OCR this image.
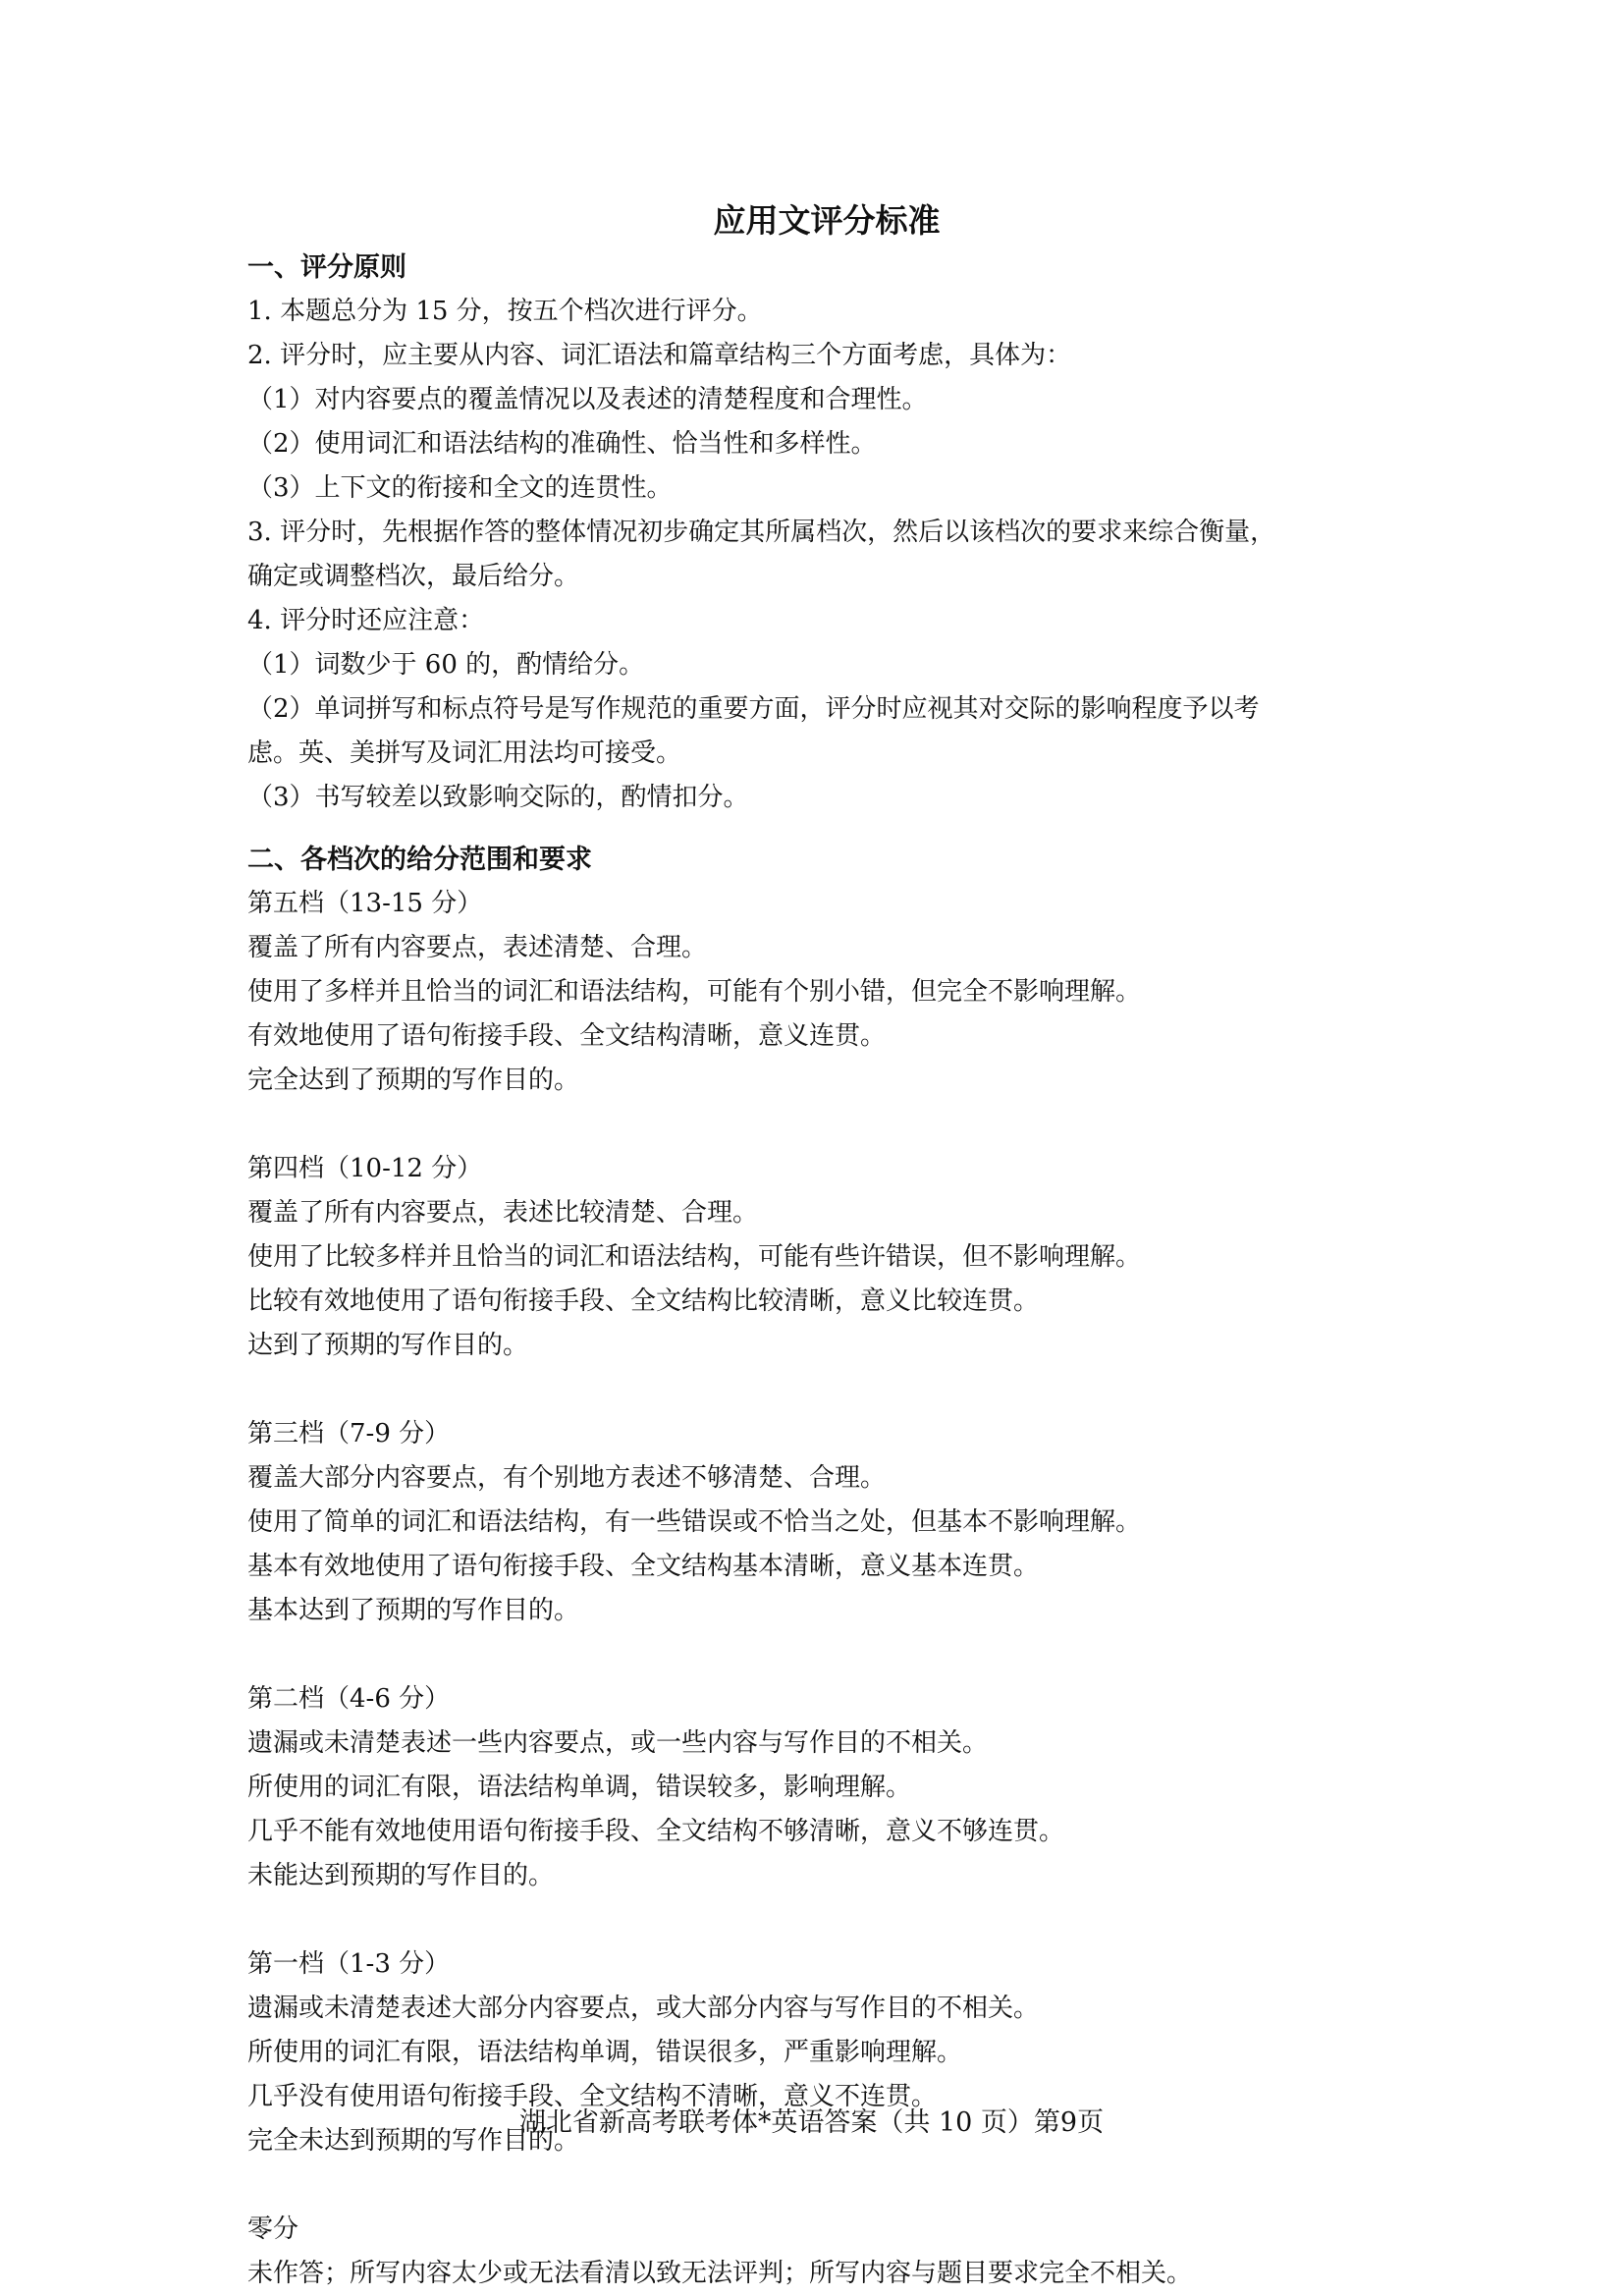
应用文评分标准
一、评分原则
1. 本题总分为 15 分，按五个档次进行评分。
2. 评分时，应主要从内容、词汇语法和篇章结构三个方面考虑，具体为：
（1）对内容要点的覆盖情况以及表述的清楚程度和合理性。
（2）使用词汇和语法结构的准确性、恰当性和多样性。
（3）上下文的衔接和全文的连贯性。
3. 评分时，先根据作答的整体情况初步确定其所属档次，然后以该档次的要求来综合衡量，
确定或调整档次，最后给分。
4. 评分时还应注意：
（1）词数少于 60 的，酌情给分。
（2）单词拼写和标点符号是写作规范的重要方面，评分时应视其对交际的影响程度予以考
虑。英、美拼写及词汇用法均可接受。
（3）书写较差以致影响交际的，酌情扣分。
二、各档次的给分范围和要求
第五档（13-15 分）
覆盖了所有内容要点，表述清楚、合理。
使用了多样并且恰当的词汇和语法结构，可能有个别小错，但完全不影响理解。
有效地使用了语句衔接手段、全文结构清晰，意义连贯。
完全达到了预期的写作目的。
第四档（10-12 分）
覆盖了所有内容要点，表述比较清楚、合理。
使用了比较多样并且恰当的词汇和语法结构，可能有些许错误，但不影响理解。
比较有效地使用了语句衔接手段、全文结构比较清晰，意义比较连贯。
达到了预期的写作目的。
第三档（7-9 分）
覆盖大部分内容要点，有个别地方表述不够清楚、合理。
使用了简单的词汇和语法结构，有一些错误或不恰当之处，但基本不影响理解。
基本有效地使用了语句衔接手段、全文结构基本清晰，意义基本连贯。
基本达到了预期的写作目的。
第二档（4-6 分）
遗漏或未清楚表述一些内容要点，或一些内容与写作目的不相关。
所使用的词汇有限，语法结构单调，错误较多，影响理解。
几乎不能有效地使用语句衔接手段、全文结构不够清晰，意义不够连贯。
未能达到预期的写作目的。
第一档（1-3 分）
遗漏或未清楚表述大部分内容要点，或大部分内容与写作目的不相关。
所使用的词汇有限，语法结构单调，错误很多，严重影响理解。
几乎没有使用语句衔接手段、全文结构不清晰，意义不连贯。
完全未达到预期的写作目的。
零分
未作答；所写内容太少或无法看清以致无法评判；所写内容与题目要求完全不相关。
湖北省新高考联考体*英语答案（共 10 页）第9页
